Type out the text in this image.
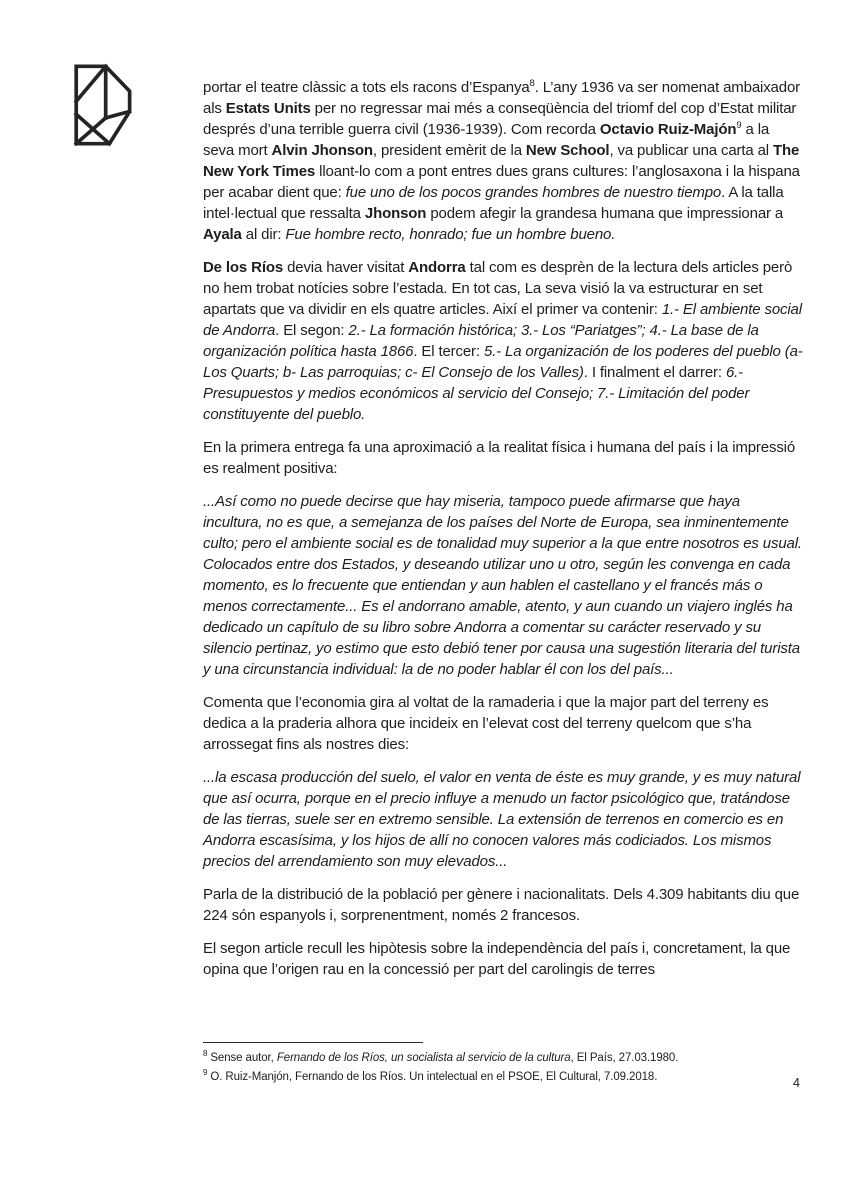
portar el teatre clàssic a tots els racons d’Espanya$^8$. L’any 1936 va ser nomenat ambaixador als Estats Units per no regressar mai més a conseqüència del triomf del cop d’Estat militar després d’una terrible guerra civil (1936-1939). Com recorda Octavio Ruiz-Majón$^9$ a la seva mort Alvin Jhonson, president emèrit de la New School, va publicar una carta al The New York Times lloant-lo com a pont entres dues grans cultures: l’anglosaxona i la hispana per acabar dient que: fue uno de los pocos grandes hombres de nuestro tiempo. A la talla intel·lectual que ressalta Jhonson podem afegir la grandesa humana que impressionar a Ayala al dir: Fue hombre recto, honrado; fue un hombre bueno.

De los Ríos devia haver visitat Andorra tal com es desprèn de la lectura dels articles però no hem trobat notícies sobre l’estada. En tot cas, La seva visió la va estructurar en set apartats que va dividir en els quatre articles. Així el primer va contenir: 1.- El ambiente social de Andorra. El segon: 2.- La formación histórica; 3.- Los “Pariatges”; 4.- La base de la organización política hasta 1866. El tercer: 5.- La organización de los poderes del pueblo (a- Los Quarts; b- Las parroquias; c- El Consejo de los Valles). I finalment el darrer: 6.- Presupuestos y medios económicos al servicio del Consejo; 7.- Limitación del poder constituyente del pueblo.

En la primera entrega fa una aproximació a la realitat física i humana del país i la impressió es realment positiva:

...Así como no puede decirse que hay miseria, tampoco puede afirmarse que haya incultura, no es que, a semejanza de los países del Norte de Europa, sea inminentemente culto; pero el ambiente social es de tonalidad muy superior a la que entre nosotros es usual. Colocados entre dos Estados, y deseando utilizar uno u otro, según les convenga en cada momento, es lo frecuente que entiendan y aun hablen el castellano y el francés más o menos correctamente... Es el andorrano amable, atento, y aun cuando un viajero inglés ha dedicado un capítulo de su libro sobre Andorra a comentar su carácter reservado y su silencio pertinaz, yo estimo que esto debió tener por causa una sugestión literaria del turista y una circunstancia individual: la de no poder hablar él con los del país...

Comenta que l’economia gira al voltat de la ramaderia i que la major part del terreny es dedica a la praderia alhora que incideix en l’elevat cost del terreny quelcom que s’ha arrossegat fins als nostres dies:

...la escasa producción del suelo, el valor en venta de éste es muy grande, y es muy natural que así ocurra, porque en el precio influye a menudo un factor psicológico que, tratándose de las tierras, suele ser en extremo sensible. La extensión de terrenos en comercio es en Andorra escasísima, y los hijos de allí no conocen valores más codiciados. Los mismos precios del arrendamiento son muy elevados...

Parla de la distribució de la població per gènere i nacionalitats. Dels 4.309 habitants diu que 224 són espanyols i, sorprenentment, només 2 francesos.

El segon article recull les hipòtesis sobre la independència del país i, concretament, la que opina que l’origen rau en la concessió per part del carolingis de terres

$^8$ Sense autor, Fernando de los Ríos, un socialista al servicio de la cultura, El País, 27.03.1980.

$^9$ O. Ruiz-Manjón, Fernando de los Ríos. Un intelectual en el PSOE, El Cultural, 7.09.2018.	4
